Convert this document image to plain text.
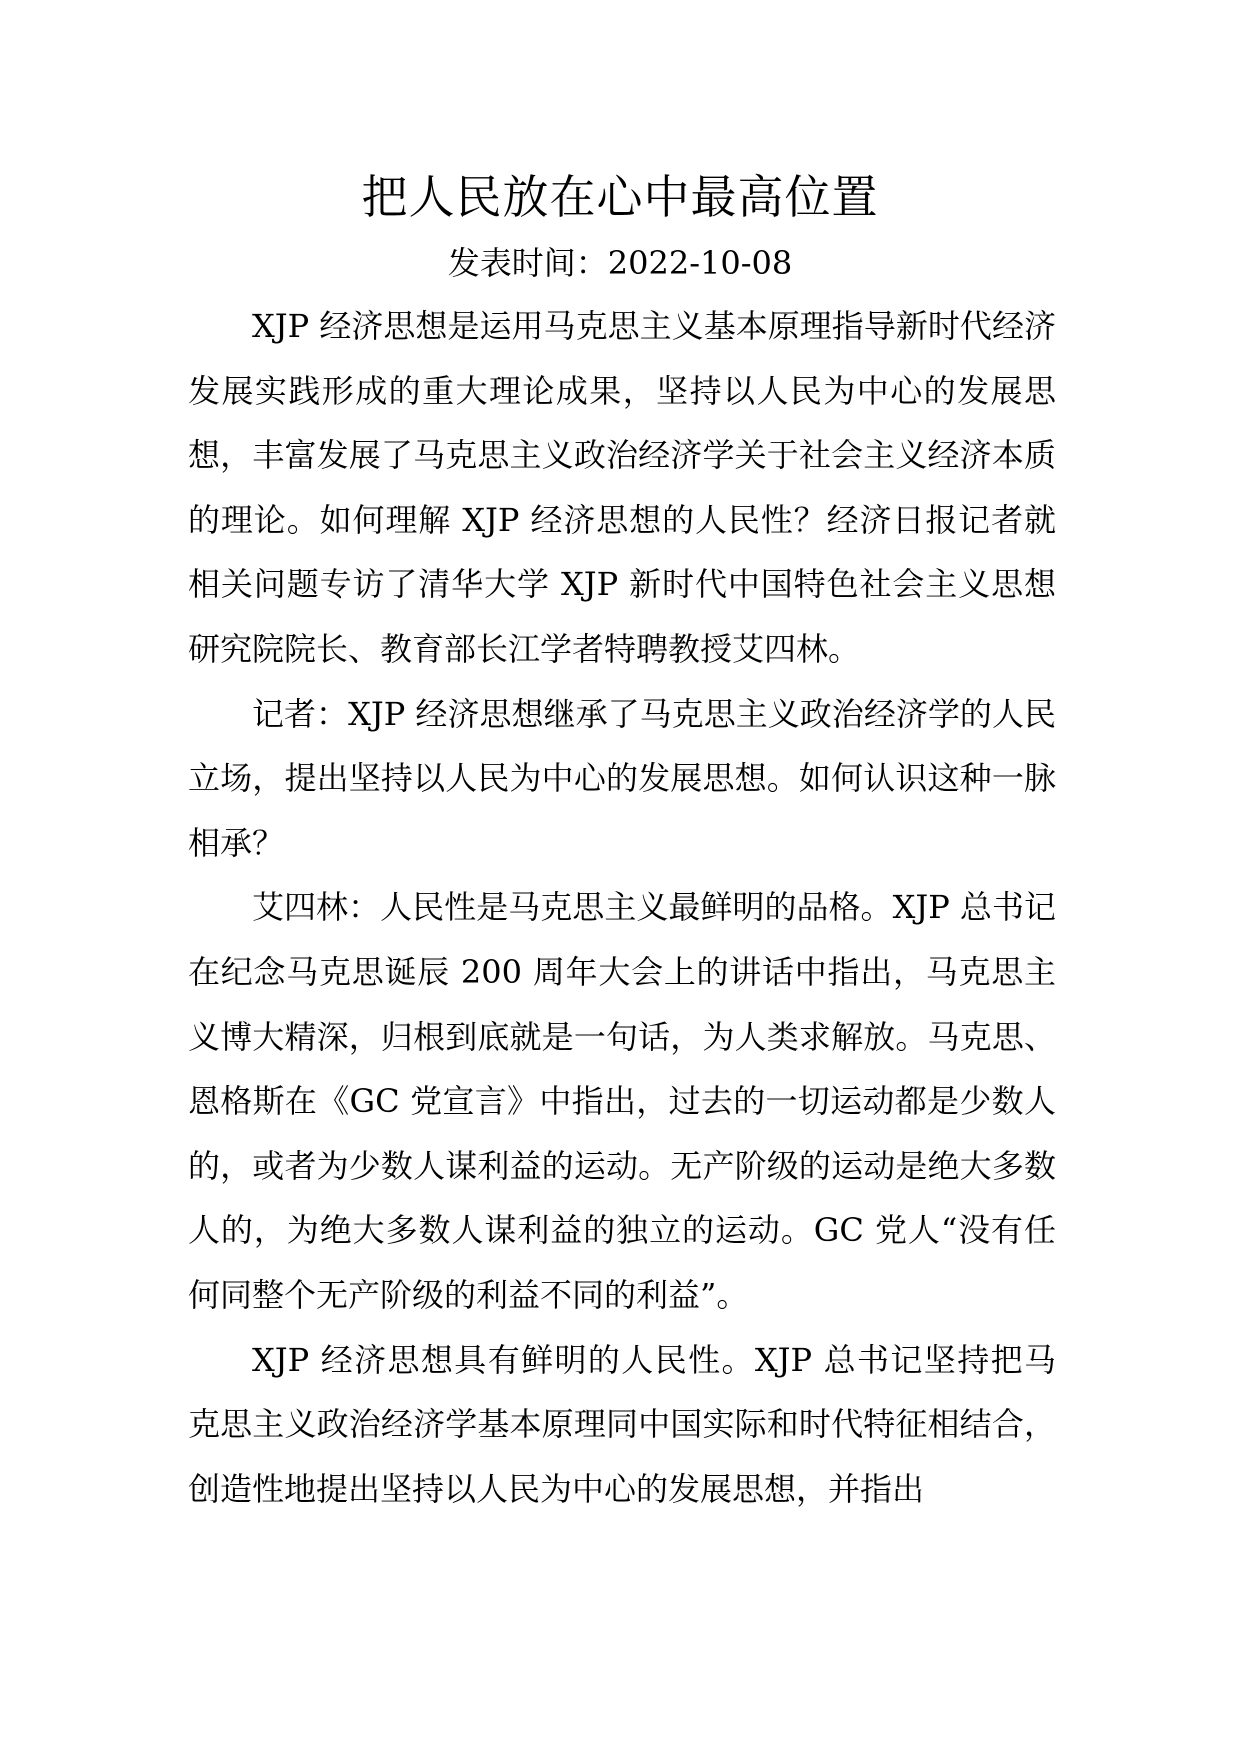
把人民放在心中最高位置
发表时间：2022-10-08

XJP 经济思想是运用马克思主义基本原理指导新时代经济发展实践形成的重大理论成果，坚持以人民为中心的发展思想，丰富发展了马克思主义政治经济学关于社会主义经济本质的理论。如何理解 XJP 经济思想的人民性？经济日报记者就相关问题专访了清华大学 XJP 新时代中国特色社会主义思想研究院院长、教育部长江学者特聘教授艾四林。

记者：XJP 经济思想继承了马克思主义政治经济学的人民立场，提出坚持以人民为中心的发展思想。如何认识这种一脉相承？

艾四林：人民性是马克思主义最鲜明的品格。XJP 总书记在纪念马克思诞辰 200 周年大会上的讲话中指出，马克思主义博大精深，归根到底就是一句话，为人类求解放。马克思、恩格斯在《GC 党宣言》中指出，过去的一切运动都是少数人的，或者为少数人谋利益的运动。无产阶级的运动是绝大多数人的，为绝大多数人谋利益的独立的运动。GC 党人“没有任何同整个无产阶级的利益不同的利益”。

XJP 经济思想具有鲜明的人民性。XJP 总书记坚持把马克思主义政治经济学基本原理同中国实际和时代特征相结合，创造性地提出坚持以人民为中心的发展思想，并指出
